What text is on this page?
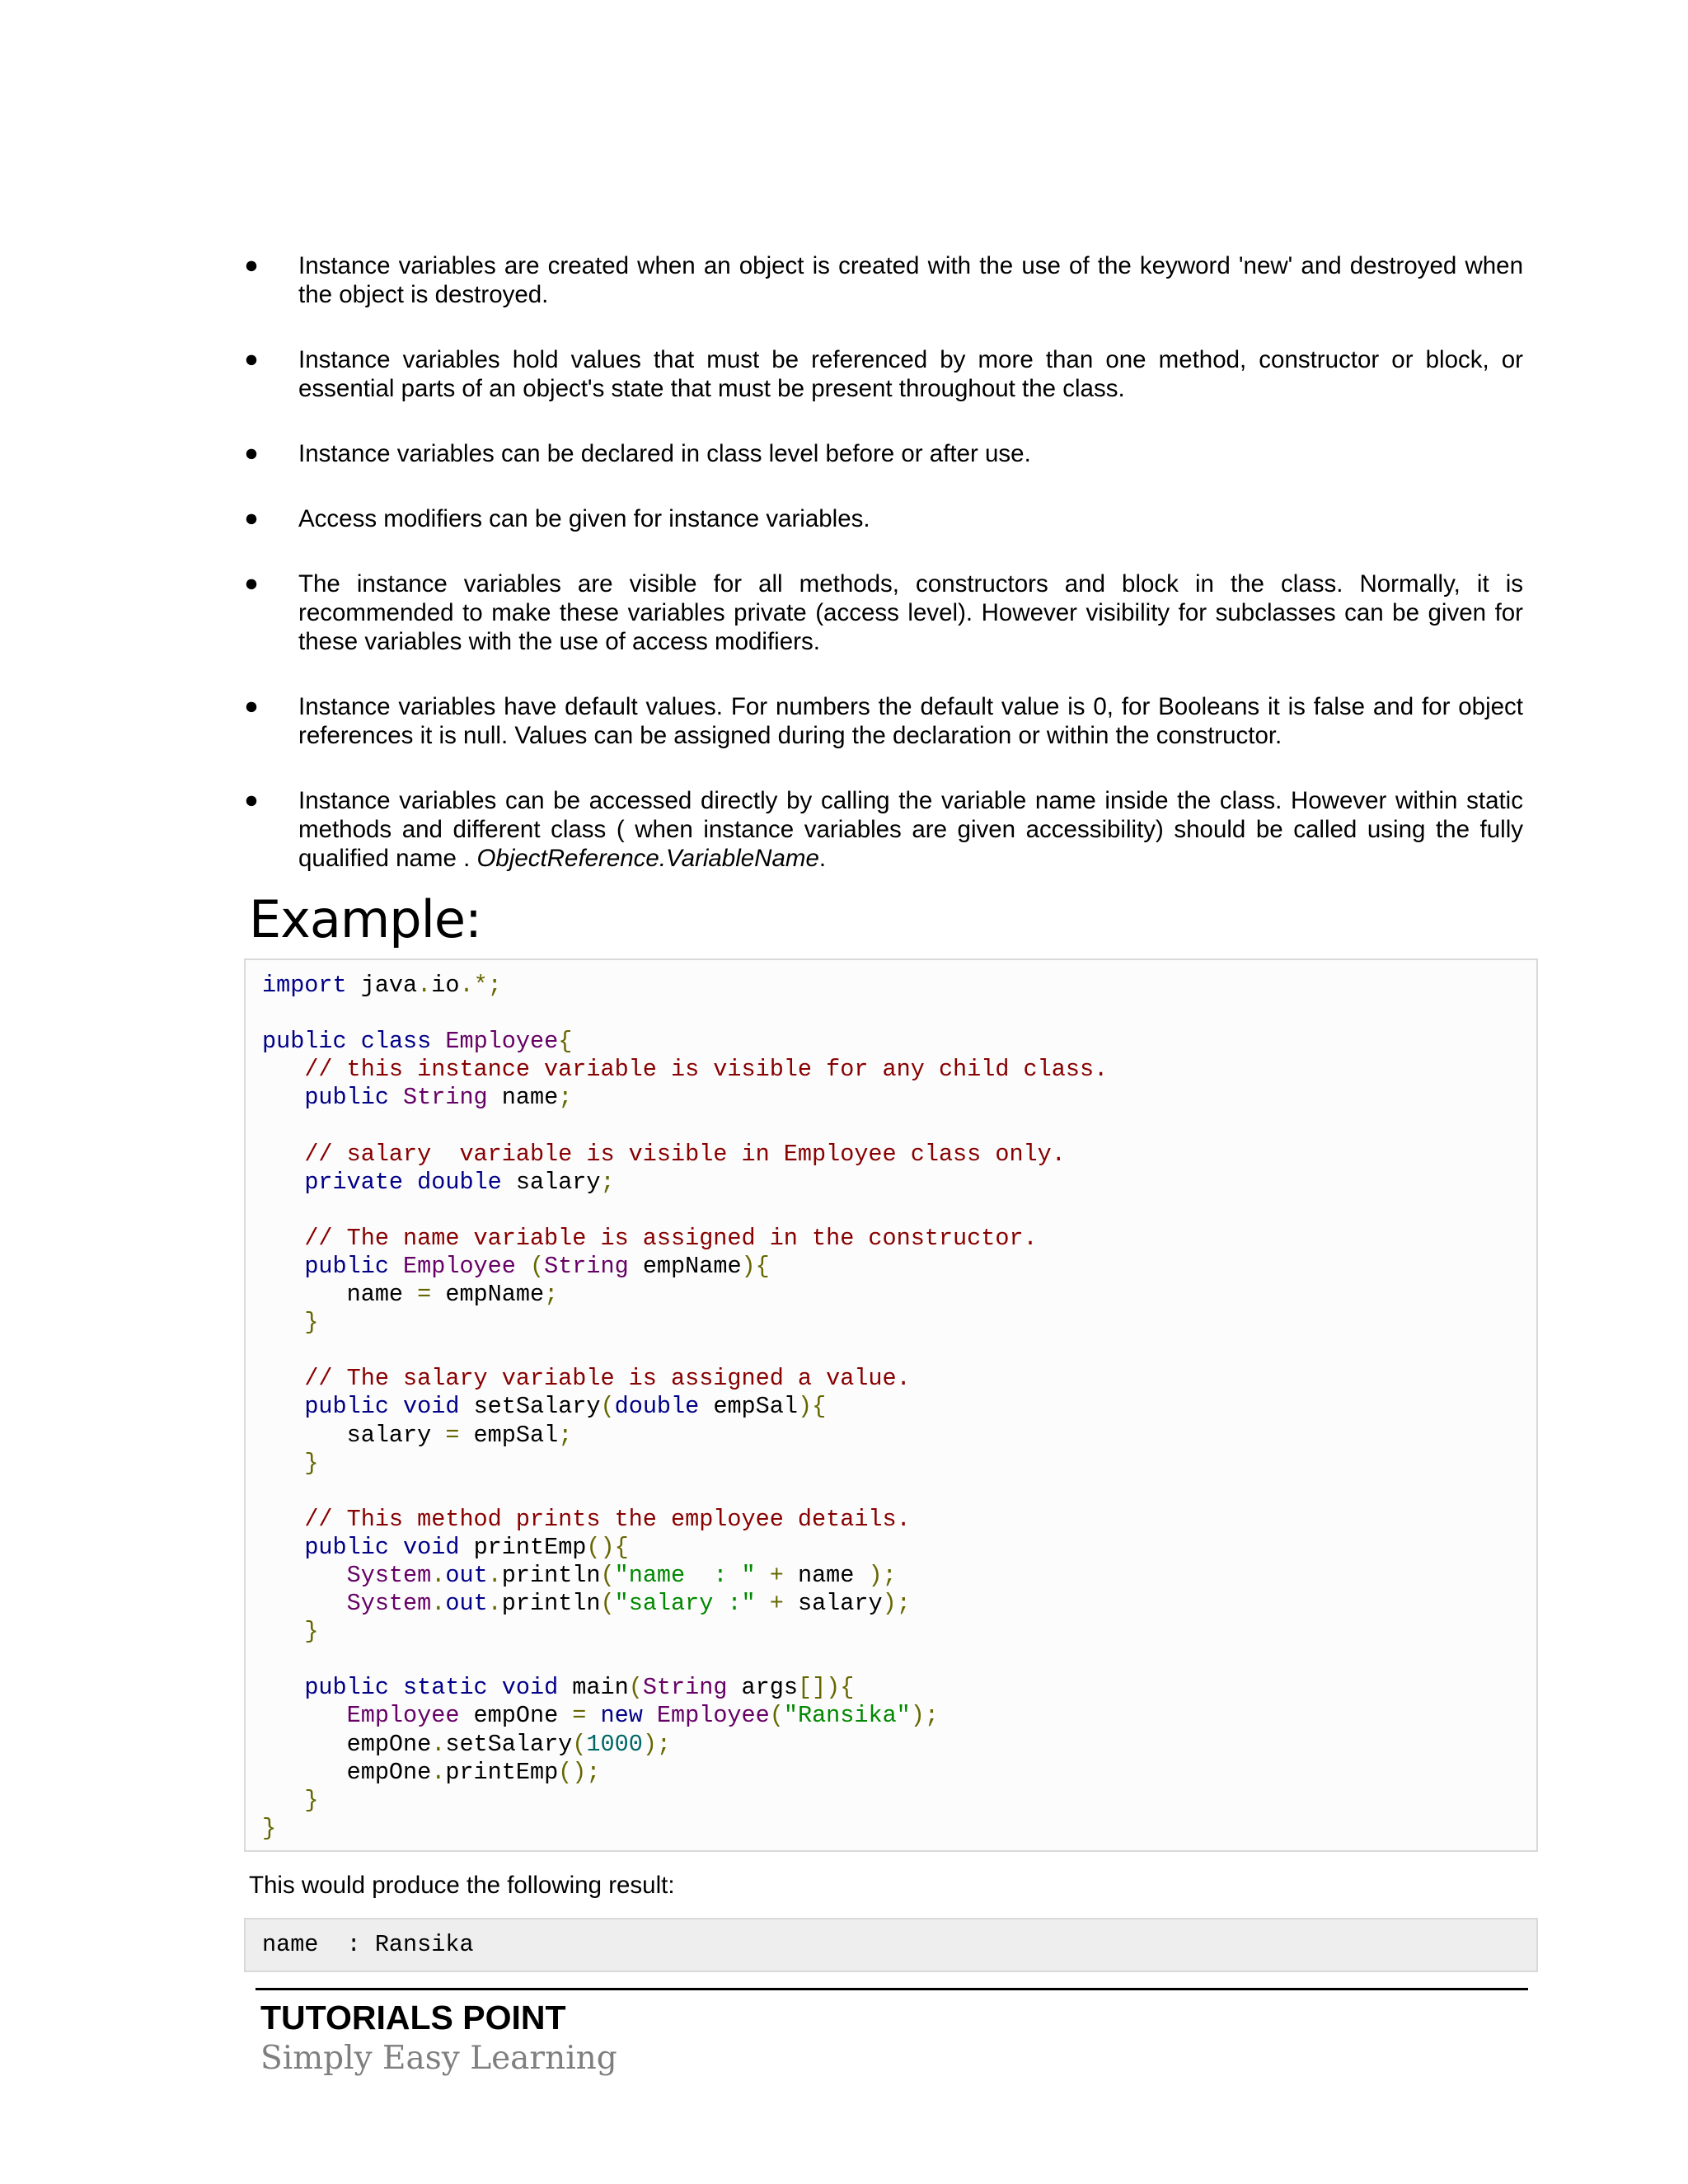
● Instance variables are created when an object is created with the use of the keyword 'new' and destroyed when the object is destroyed.
● Instance variables hold values that must be referenced by more than one method, constructor or block, or essential parts of an object's state that must be present throughout the class.
● Instance variables can be declared in class level before or after use.
● Access modifiers can be given for instance variables.
● The instance variables are visible for all methods, constructors and block in the class. Normally, it is recommended to make these variables private (access level). However visibility for subclasses can be given for these variables with the use of access modifiers.
● Instance variables have default values. For numbers the default value is 0, for Booleans it is false and for object references it is null. Values can be assigned during the declaration or within the constructor.
● Instance variables can be accessed directly by calling the variable name inside the class. However within static methods and different class ( when instance variables are given accessibility) should be called using the fully qualified name . ObjectReference.VariableName.
Example:
import java.io.*;

public class Employee{
// this instance variable is visible for any child class.
public String name;

// salary  variable is visible in Employee class only.
private double salary;

// The name variable is assigned in the constructor.
public Employee (String empName){
name = empName;
}

// The salary variable is assigned a value.
public void setSalary(double empSal){
salary = empSal;
}

// This method prints the employee details.
public void printEmp(){
System.out.println("name  : " + name );
System.out.println("salary :" + salary);
}

public static void main(String args[]){
Employee empOne = new Employee("Ransika");
empOne.setSalary(1000);
empOne.printEmp();
}
}
This would produce the following result:
name  : Ransika
TUTORIALS POINT
Simply Easy Learning
